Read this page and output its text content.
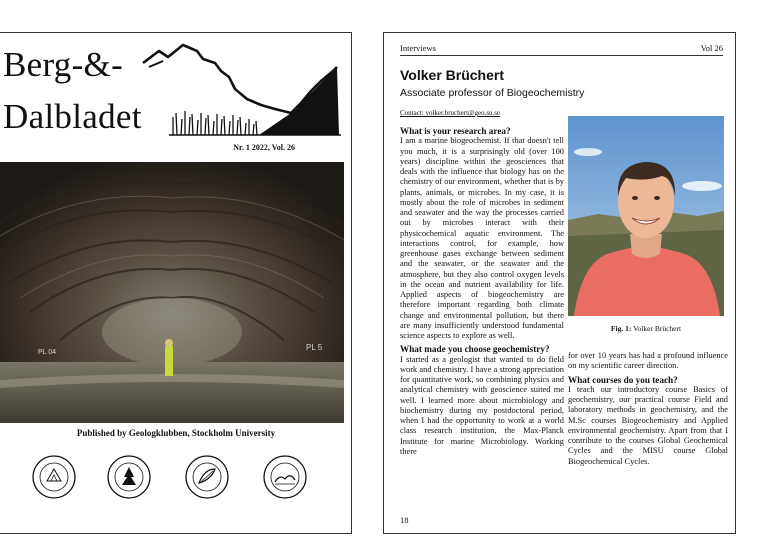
Berg-&-
Dalbladet
Nr. 1 2022, Vol. 26
PL 04
PL 5
Published by Geologklubben, Stockholm University
Interviews	Vol 26
Volker Brüchert
Associate professor of Biogeochemistry
Contact: volker.bruchert@geo.su.se

What is your research area?

I am a marine biogeochemist. If that doesn't tell you much, it is a surprisingly old (over 100 years) discipline within the geosciences that deals with the influence that biology has on the chemistry of our environment, whether that is by plants, animals, or microbes. In my case, it is mostly about the role of microbes in sediment and seawater and the way the processes carried out by microbes interact with their physicochemical aquatic environment. The interactions control, for example, how greenhouse gases exchange between sediment and the seawater, or the seawater and the atmosphere, but they also control oxygen levels in the ocean and nutrient availability for life. Applied aspects of biogeochemistry are therefore important regarding both climate change and environmental pollution, but there are many insufficiently understood fundamental science aspects to explore as well.

What made you choose geochemistry?

I started as a geologist that wanted to do field work and chemistry. I have a strong appreciation for quantitative work, so combining physics and analytical chemistry with geoscience suited me well. I learned more about microbiology and biochemistry during my postdoctoral period, when I had the opportunity to work at a world class research institution, the Max-Planck Institute for marine Microbiology. Working there

Fig. 1: Volker Brüchert

for over 10 years has had a profound influence on my scientific career direction.

What courses do you teach?

I teach our introductory course Basics of geochemistry, our practical course Field and laboratory methods in geochemistry, and the M.Sc courses Biogeochemistry and Applied environmental geochemistry. Apart from that I contribute to the courses Global Geochemical Cycles and the MISU course Global Biogeochemical Cycles.

18
